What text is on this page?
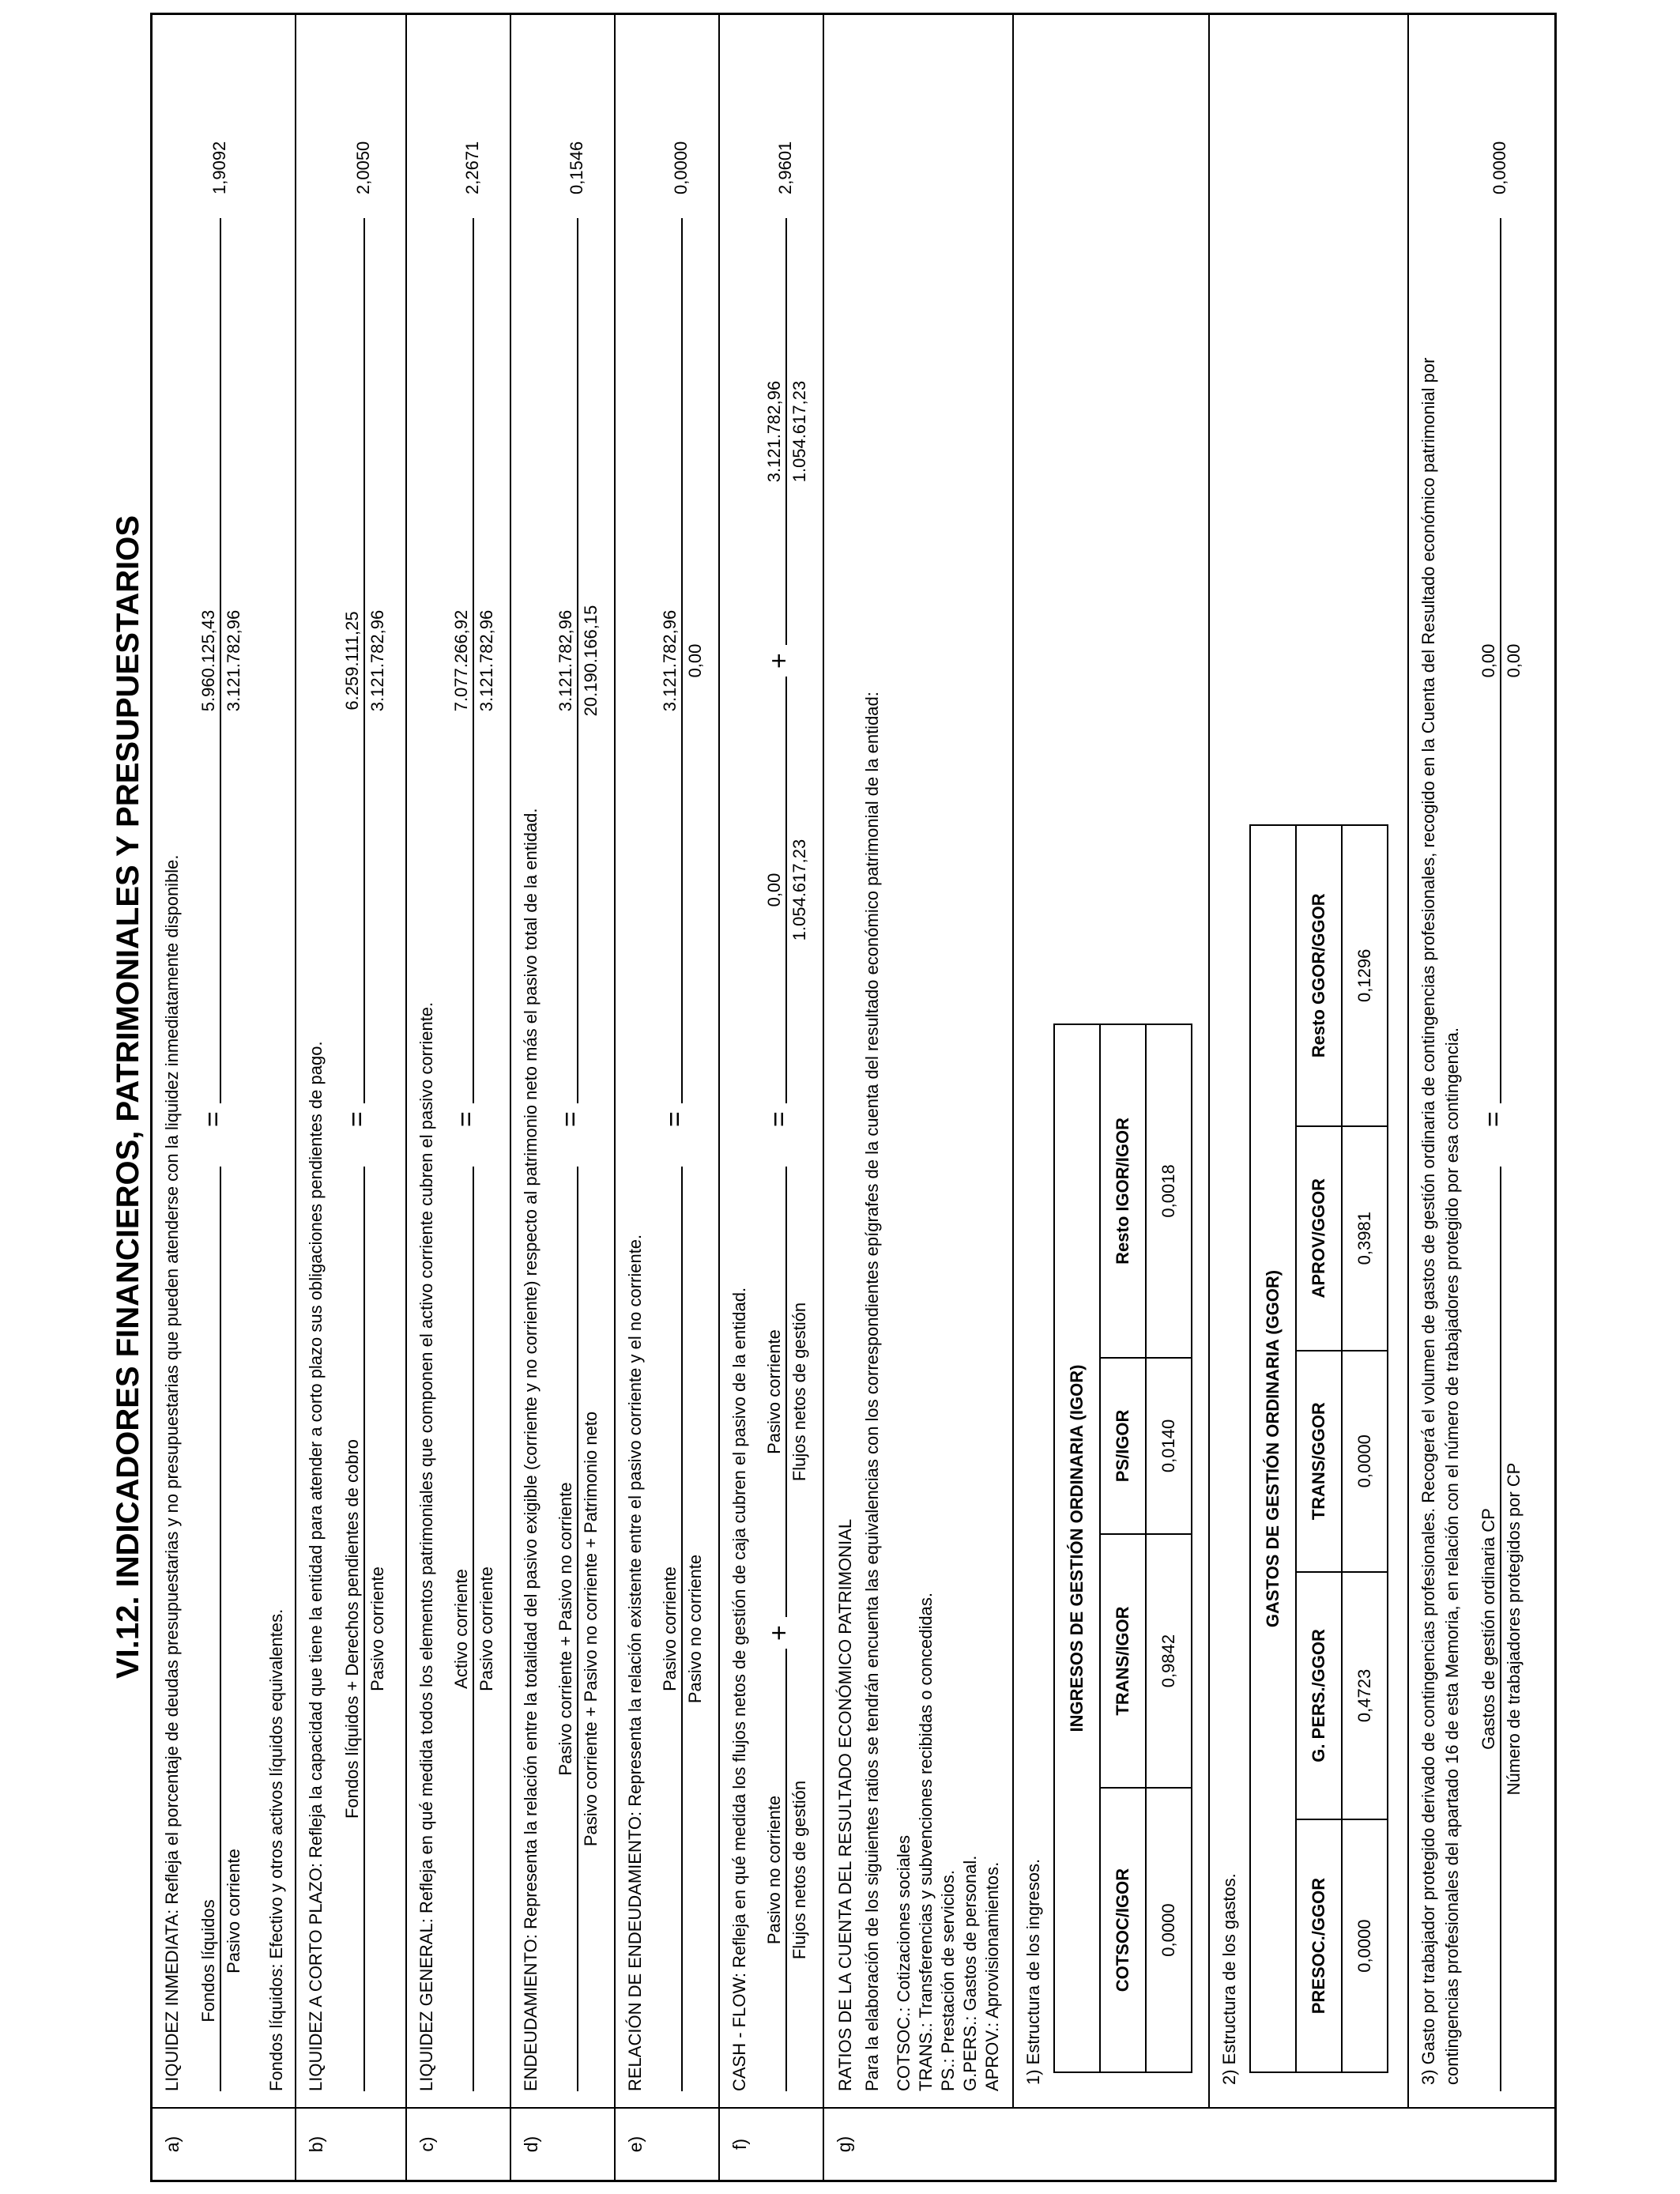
VI.12. INDICADORES FINANCIEROS, PATRIMONIALES Y PRESUPUESTARIOS
a)
LIQUIDEZ INMEDIATA: Refleja el porcentaje de deudas presupuestarias y no presupuestarias que pueden atenderse con la liquidez inmediatamente disponible. Fondos líquidos Pasivo corriente
=
5.960.125,43 3.121.782,96
1,9092
Fondos líquidos: Efectivo y otros activos líquidos equivalentes.
b)
LIQUIDEZ A CORTO PLAZO: Refleja la capacidad que tiene la entidad para atender a corto plazo sus obligaciones pendientes de pago. Fondos líquidos + Derechos pendientes de cobro Pasivo corriente
=
6.259.111,25 3.121.782,96
2,0050
c)
LIQUIDEZ GENERAL: Refleja en qué medida todos los elementos patrimoniales que componen el activo corriente cubren el pasivo corriente. Activo corriente Pasivo corriente
=
7.077.266,92 3.121.782,96
2,2671
d)
ENDEUDAMIENTO: Representa la relación entre la totalidad del pasivo exigible (corriente y no corriente) respecto al patrimonio neto más el pasivo total de la entidad. Pasivo corriente + Pasivo no corriente Pasivo corriente + Pasivo no corriente + Patrimonio neto
=
3.121.782,96 20.190.166,15
0,1546
e)
RELACIÓN DE ENDEUDAMIENTO: Representa la relación existente entre el pasivo corriente y el no corriente. Pasivo corriente Pasivo no corriente
=
3.121.782,96 0,00
0,0000
f)
CASH - FLOW: Refleja en qué medida los flujos netos de gestión de caja cubren el pasivo de la entidad. Pasivo no corriente Flujos netos de gestión
+
Pasivo corriente Flujos netos de gestión
=
0,00 1.054.617,23
+
3.121.782,96 1.054.617,23
2,9601
g)
RATIOS DE LA CUENTA DEL RESULTADO ECONÓMICO PATRIMONIAL Para la elaboración de los siguientes ratios se tendrán encuenta las equivalencias con los correspondientes epígrafes de la cuenta del resultado económico patrimonial de la entidad: COTSOC.: Cotizaciones sociales TRANS.: Transferencias y subvenciones recibidas o concedidas. PS.: Prestación de servicios. G.PERS.: Gastos de personal. APROV.: Aprovisionamientos. 1) Estructura de los ingresos.
INGRESOS DE GESTIÓN ORDINARIA (IGOR)			
COTSOC/IGOR	TRANS/IGOR	PS/IGOR	Resto IGOR/IGOR
0,0000	0,9842	0,0140	0,0018
2) Estructura de los gastos.
GASTOS DE GESTIÓN ORDINARIA (GGOR)				
PRESOC./GGOR	G. PERS./GGOR	TRANS/GGOR	APROV/GGOR	Resto GGOR/GGOR
0,0000	0,4723	0,0000	0,3981	0,1296	3) Gasto por trabajador protegido derivado de contingencias profesionales. Recogerá el volumen de gastos de gestión ordinaria de contingencias profesionales, recogido en la Cuenta del Resultado económico patrimonial por contingencias profesionales del apartado 16 de esta Memoria, en relación con el número de trabajadores protegido por esa contingencia. Gastos de gestión ordinaria CP Número de trabajadores protegidos por CP
=
0,00 0,00
0,0000
